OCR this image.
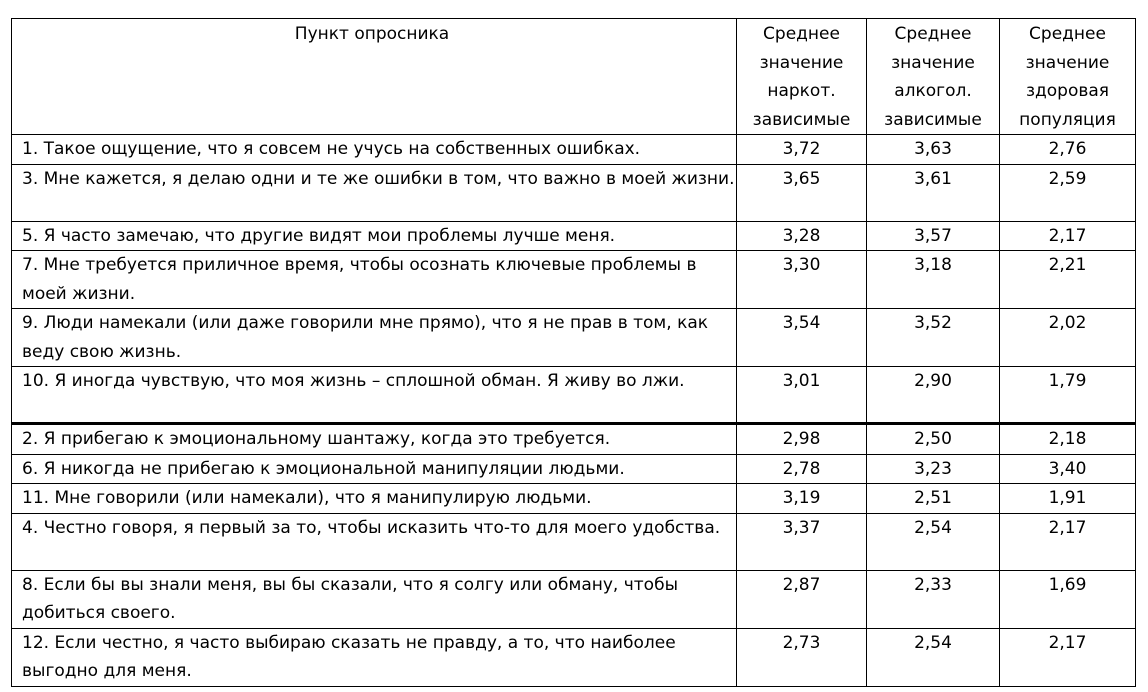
Пункт опросника	Среднее значение наркот. зависимые	Среднее значение алкогол. зависимые	Среднее значение здоровая популяция
1. Такое ощущение, что я совсем не учусь на собственных ошибках.	3,72	3,63	2,76
3. Мне кажется, я делаю одни и те же ошибки в том, что важно в моей жизни.	3,65	3,61	2,59
5. Я часто замечаю, что другие видят мои проблемы лучше меня.	3,28	3,57	2,17
7. Мне требуется приличное время, чтобы осознать ключевые проблемы в моей жизни.	3,30	3,18	2,21
9. Люди намекали (или даже говорили мне прямо), что я не прав в том, как веду свою жизнь.	3,54	3,52	2,02
10. Я иногда чувствую, что моя жизнь – сплошной обман. Я живу во лжи.	3,01	2,90	1,79
2. Я прибегаю к эмоциональному шантажу, когда это требуется.	2,98	2,50	2,18
6. Я никогда не прибегаю к эмоциональной манипуляции людьми.	2,78	3,23	3,40
11. Мне говорили (или намекали), что я манипулирую людьми.	3,19	2,51	1,91
4. Честно говоря, я первый за то, чтобы исказить что-то для моего удобства.	3,37	2,54	2,17
8. Если бы вы знали меня, вы бы сказали, что я солгу или обману, чтобы добиться своего.	2,87	2,33	1,69
12. Если честно, я часто выбираю сказать не правду, а то, что наиболее выгодно для меня.	2,73	2,54	2,17
